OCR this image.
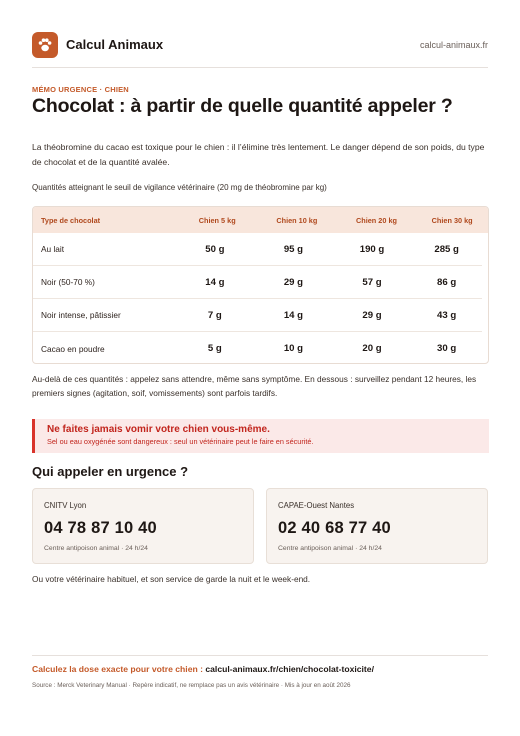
Calcul Animaux	calcul-animaux.fr
MÉMO URGENCE · CHIEN
Chocolat : à partir de quelle quantité appeler ?

La théobromine du cacao est toxique pour le chien : il l’élimine très lentement. Le danger dépend de son poids, du type de chocolat et de la quantité avalée.

Quantités atteignant le seuil de vigilance vétérinaire (20 mg de théobromine par kg)

Type de chocolat	Chien 5 kg	Chien 10 kg	Chien 20 kg	Chien 30 kg
Au lait	50 g	95 g	190 g	285 g
Noir (50-70 %)	14 g	29 g	57 g	86 g
Noir intense, pâtissier	7 g	14 g	29 g	43 g
Cacao en poudre	5 g	10 g	20 g	30 g

Au-delà de ces quantités : appelez sans attendre, même sans symptôme. En dessous : surveillez pendant 12 heures, les premiers signes (agitation, soif, vomissements) sont parfois tardifs.

Ne faites jamais vomir votre chien vous-même.
Sel ou eau oxygénée sont dangereux : seul un vétérinaire peut le faire en sécurité.
Qui appeler en urgence ?
CNITV Lyon
04 78 87 10 40
Centre antipoison animal · 24 h/24
CAPAE-Ouest Nantes
02 40 68 77 40
Centre antipoison animal · 24 h/24

Ou votre vétérinaire habituel, et son service de garde la nuit et le week-end.

Calculez la dose exacte pour votre chien : calcul-animaux.fr/chien/chocolat-toxicite/
Source : Merck Veterinary Manual · Repère indicatif, ne remplace pas un avis vétérinaire · Mis à jour en août 2026
